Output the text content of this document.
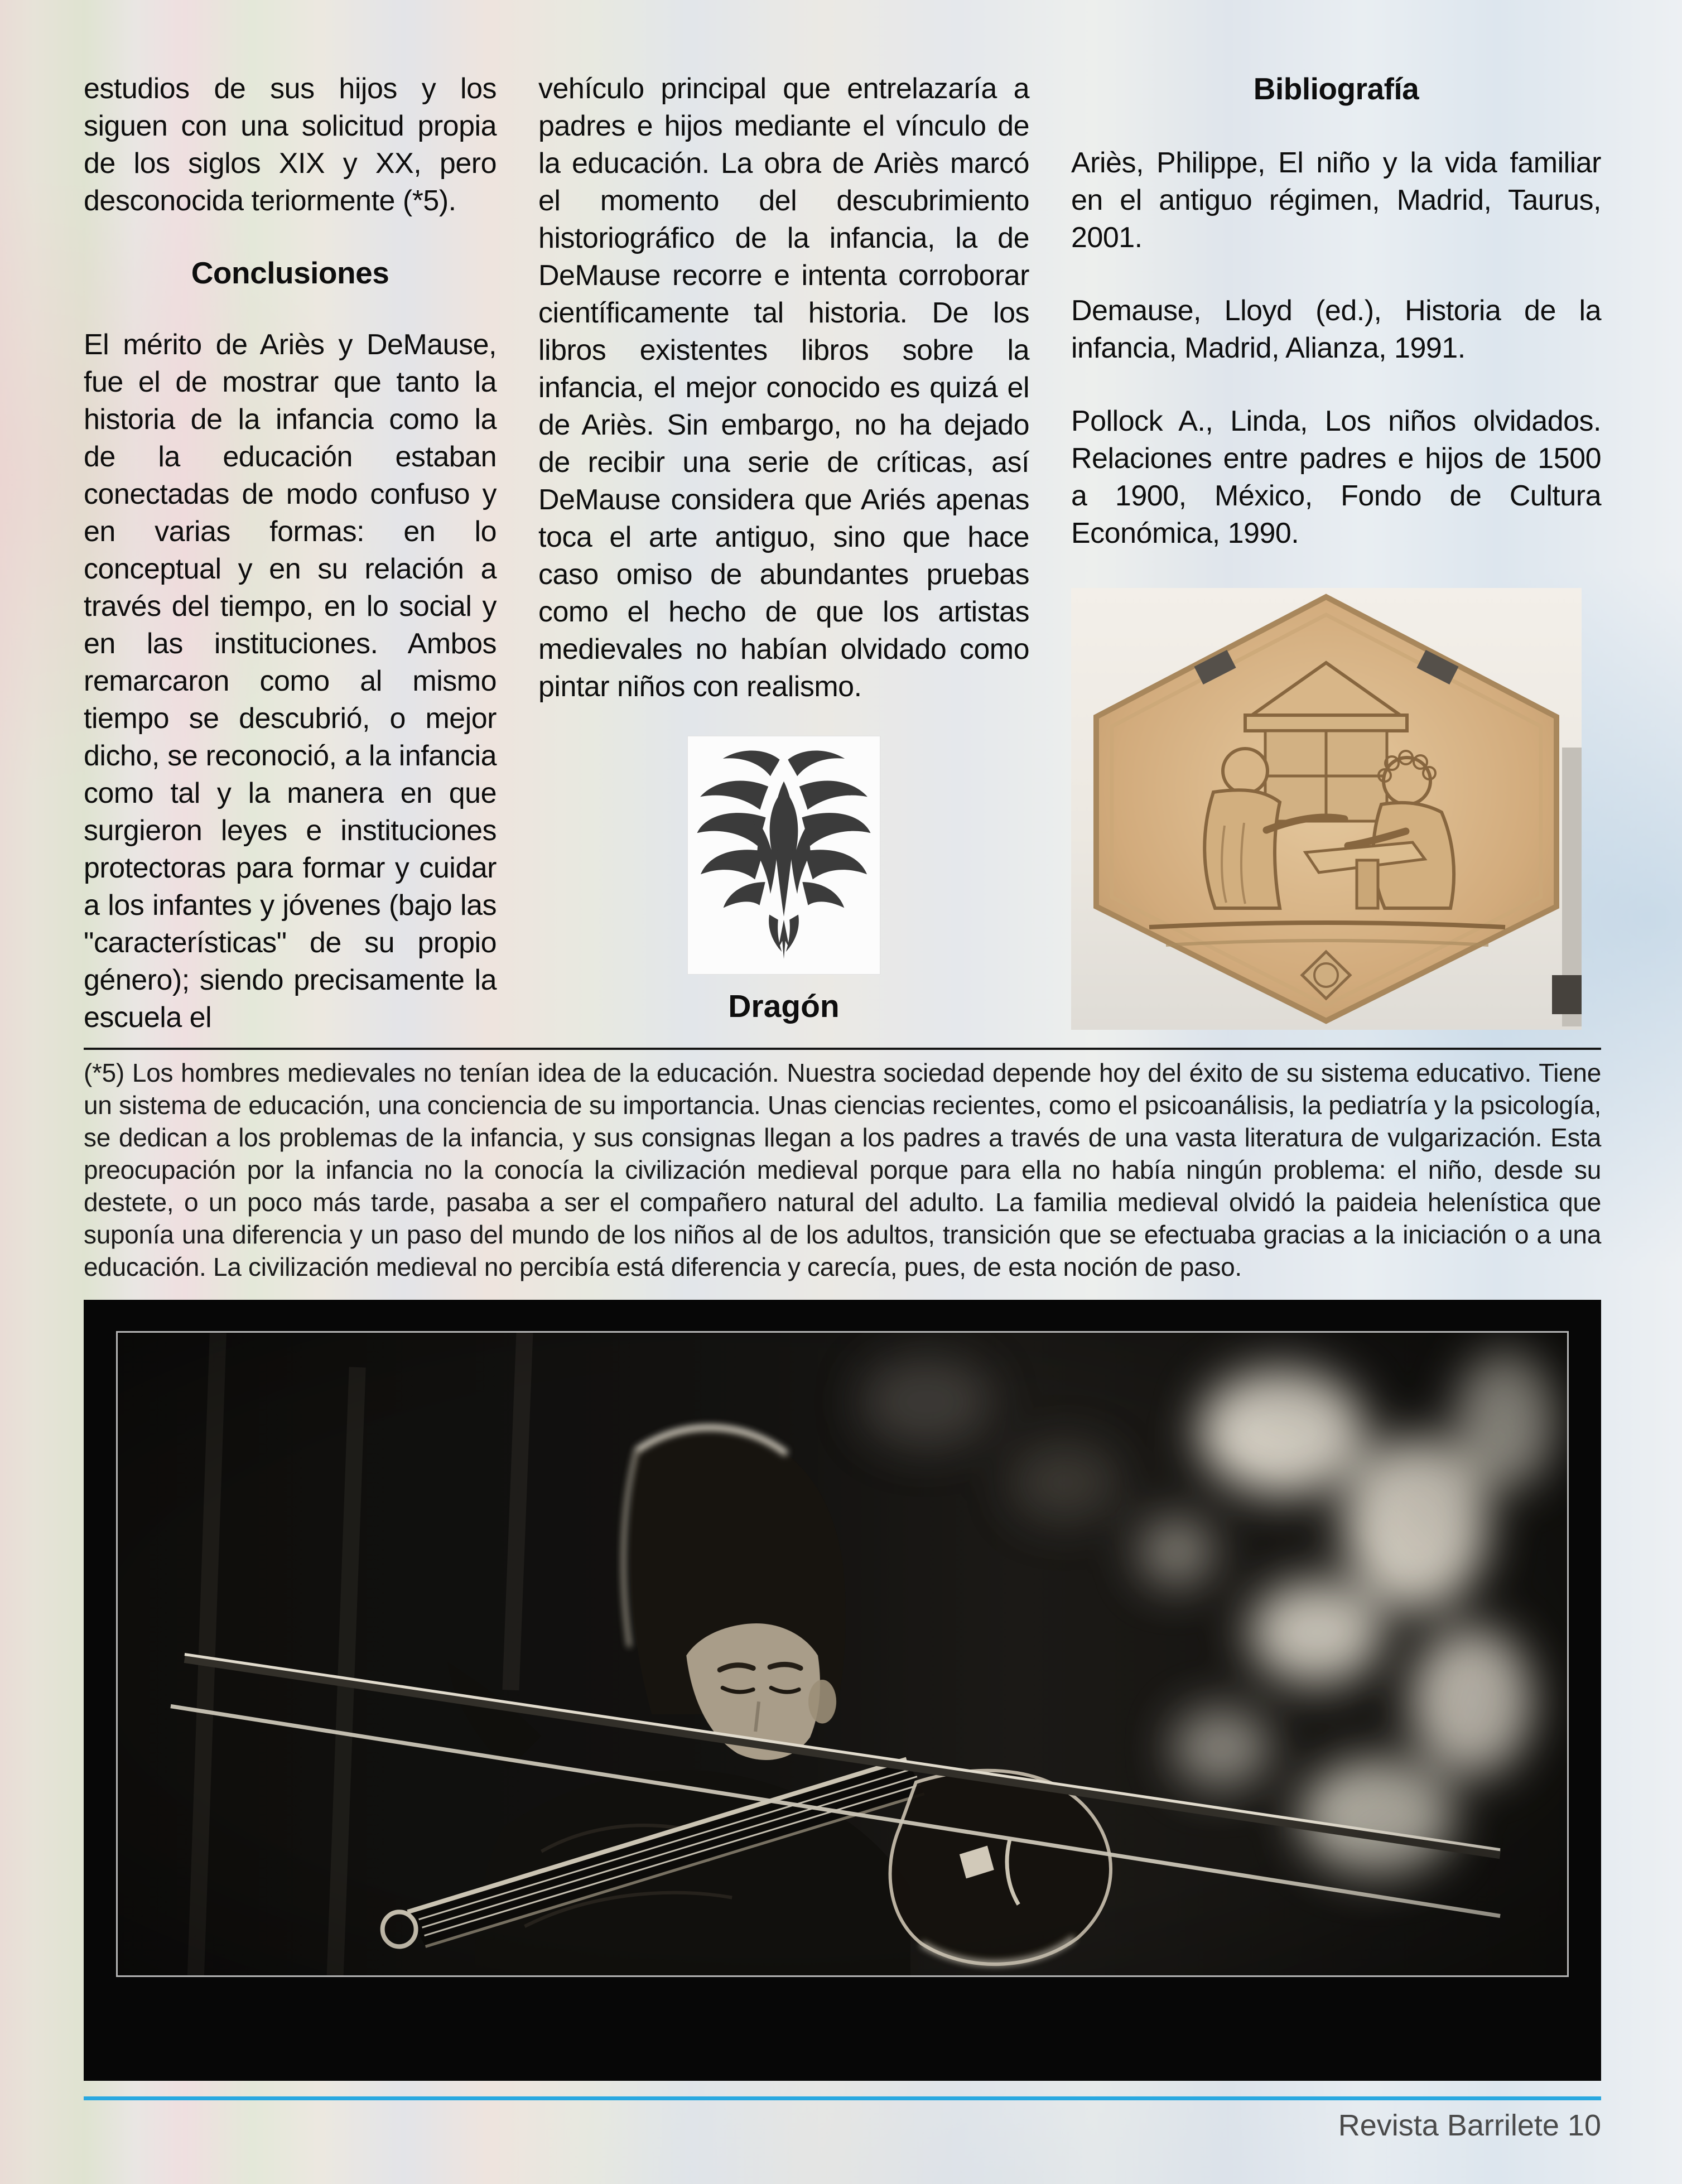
estudios de sus hijos y los siguen con una solicitud propia de los siglos XIX y XX, pero desconocida teriormente (*5).

Conclusiones

El mérito de Ariès y DeMause, fue el de mostrar que tanto la historia de la infancia como la de la educación estaban conectadas de modo confuso y en varias formas: en lo conceptual y en su relación a través del tiempo, en lo social y en las instituciones. Ambos remarcaron como al mismo tiempo se descubrió, o mejor dicho, se reconoció, a la infancia como tal y la manera en que surgieron leyes e instituciones protectoras para formar y cuidar a los infantes y jóvenes (bajo las "características" de su propio género); siendo precisamente la escuela el

vehículo principal que entrelazaría a padres e hijos mediante el vínculo de la educación. La obra de Ariès marcó el momento del descubrimiento historiográfico de la infancia, la de DeMause recorre e intenta corroborar científicamente tal historia. De los libros existentes libros sobre la infancia, el mejor conocido es quizá el de Ariès. Sin embargo, no ha dejado de recibir una serie de críticas, así DeMause considera que Ariés apenas toca el arte antiguo, sino que hace caso omiso de abundantes pruebas como el hecho de que los artistas medievales no habían olvidado como pintar niños con realismo.

Dragón
Bibliografía

Ariès, Philippe, El niño y la vida familiar en el antiguo régimen, Madrid, Taurus, 2001.

Demause, Lloyd (ed.), Historia de la infancia, Madrid, Alianza, 1991.

Pollock A., Linda, Los niños olvidados. Relaciones entre padres e hijos de 1500 a 1900, México, Fondo de Cultura Económica, 1990.

(*5) Los hombres medievales no tenían idea de la educación. Nuestra sociedad depende hoy del éxito de su sistema educativo. Tiene un sistema de educación, una conciencia de su importancia. Unas ciencias recientes, como el psicoanálisis, la pediatría y la psicología, se dedican a los problemas de la infancia, y sus consignas llegan a los padres a través de una vasta literatura de vulgarización. Esta preocupación por la infancia no la conocía la civilización medieval porque para ella no había ningún problema: el niño, desde su destete, o un poco más tarde, pasaba a ser el compañero natural del adulto. La familia medieval olvidó la paideia helenística que suponía una diferencia y un paso del mundo de los niños al de los adultos, transición que se efectuaba gracias a la iniciación o a una educación. La civilización medieval no percibía está diferencia y carecía, pues, de esta noción de paso.

Revista Barrilete 10
